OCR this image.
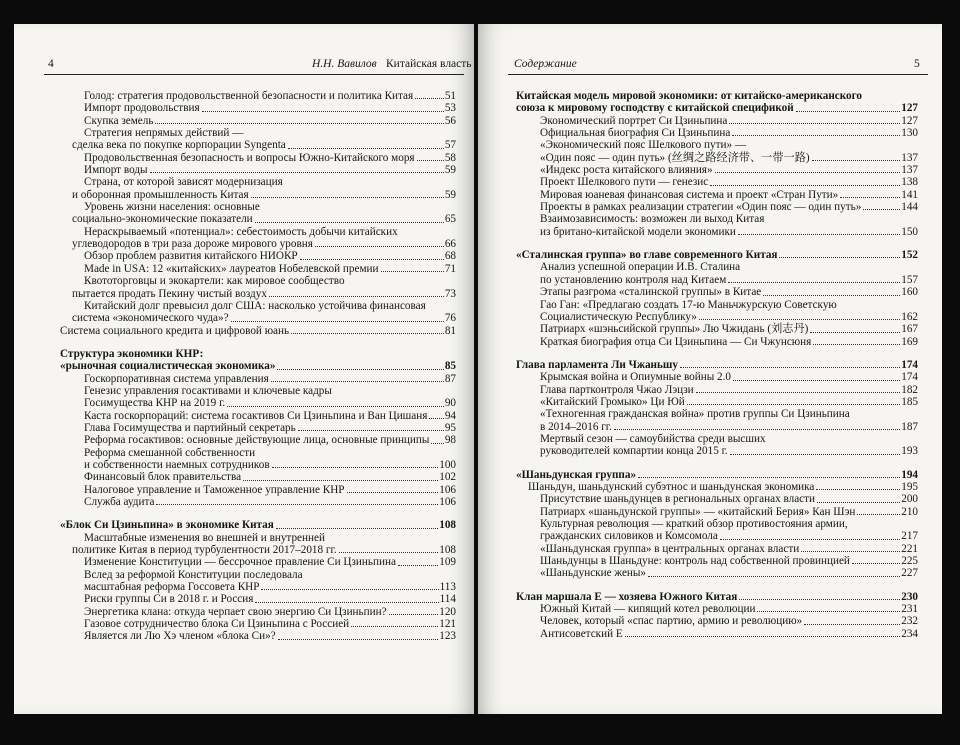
4	Н.Н. Вавилов Китайская власть
Голод: стратегия продовольственной безопасности и политика Китая	51
Импорт продовольствия	53
Скупка земель	56
Стратегия непрямых действий —
сделка века по покупке корпорации Syngenta	57
Продовольственная безопасность и вопросы Южно-Китайского моря	58
Импорт воды	59
Страна, от которой зависят модернизация
и оборонная промышленность Китая	59
Уровень жизни населения: основные
социально-экономические показатели	65
Нераскрываемый «потенциал»: себестоимость добычи китайских
углеводородов в три раза дороже мирового уровня	66
Обзор проблем развития китайского НИОКР	68
Made in USA: 12 «китайских» лауреатов Нобелевской премии	71
Квототорговцы и экокартели: как мировое сообщество
пытается продать Пекину чистый воздух	73
Китайский долг превысил долг США: насколько устойчива финансовая
система «экономического чуда»?	76
Система социального кредита и цифровой юань	81
Структура экономики КНР:
«рыночная социалистическая экономика»	85
Госкорпоративная система управления	87
Генезис управления госактивами и ключевые кадры
Госимущества КНР на 2019 г.	90
Каста госкорпораций: система госактивов Си Цзиньпина и Ван Цишаня 94
Глава Госимущества и партийный секретарь	95
Реформа госактивов: основные действующие лица, основные принципы 98
Реформа смешанной собственности
и собственности наемных сотрудников	100
Финансовый блок правительства	102
Налоговое управление и Таможенное управление КНР	106
Служба аудита	106
«Блок Си Цзиньпина» в экономике Китая	108
Масштабные изменения во внешней и внутренней
политике Китая в период турбулентности 2017–2018 гг.	108
Изменение Конституции — бессрочное правление Си Цзиньпина	109
Вслед за реформой Конституции последовала
масштабная реформа Госсовета КНР	113
Риски группы Си в 2018 г. и Россия	114
Энергетика клана: откуда черпает свою энергию Си Цзиньпин?	120
Газовое сотрудничество блока Си Цзиньпина с Россией	121
Является ли Лю Хэ членом «блока Си»?	123
Содержание	5
Китайская модель мировой экономики: от китайско-американского
союза к мировому господству с китайской спецификой	127
Экономический портрет Си Цзиньпина	127
Официальная биография Си Цзиньпина	130
«Экономический пояс Шелкового пути» —
«Один пояс — один путь» (丝绸之路经济带、一带一路)	137
«Индекс роста китайского влияния»	137
Проект Шелкового пути — генезис	138
Мировая юаневая финансовая система и проект «Стран Пути»	141
Проекты в рамках реализации стратегии «Один пояс — один путь»	144
Взаимозависимость: возможен ли выход Китая
из британо-китайской модели экономики	150
«Сталинская группа» во главе современного Китая	152
Анализ успешной операции И.В. Сталина
по установлению контроля над Китаем	157
Этапы разгрома «сталинской группы» в Китае	160
Гао Ган: «Предлагаю создать 17-ю Маньчжурскую Советскую
Социалистическую Республику»	162
Патриарх «шэньсийской группы» Лю Чжидань (刘志丹)	167
Краткая биография отца Си Цзиньпина — Си Чжунсюня	169
Глава парламента Ли Чжаньшу	174
Крымская война и Опиумные войны 2.0	174
Глава партконтроля Чжао Лэцзи	182
«Китайский Громыко» Ци Юй	185
«Техногенная гражданская война» против группы Си Цзиньпина
в 2014–2016 гг.	187
Мертвый сезон — самоубийства среди высших
руководителей компартии конца 2015 г.	193
«Шаньдунская группа»	194
Шаньдун, шаньдунский субэтнос и шаньдунская экономика	195
Присутствие шаньдунцев в региональных органах власти	200
Патриарх «шаньдунской группы» — «китайский Берия» Кан Шэн	210
Культурная революция — краткий обзор противостояния армии,
гражданских силовиков и Комсомола	217
«Шаньдунская группа» в центральных органах власти	221
Шаньдунцы в Шаньдуне: контроль над собственной провинцией	225
«Шаньдунские жены»	227
Клан маршала Е — хозяева Южного Китая	230
Южный Китай — кипящий котел революции	231
Человек, который «спас партию, армию и революцию»	232
Антисоветский Е	234
